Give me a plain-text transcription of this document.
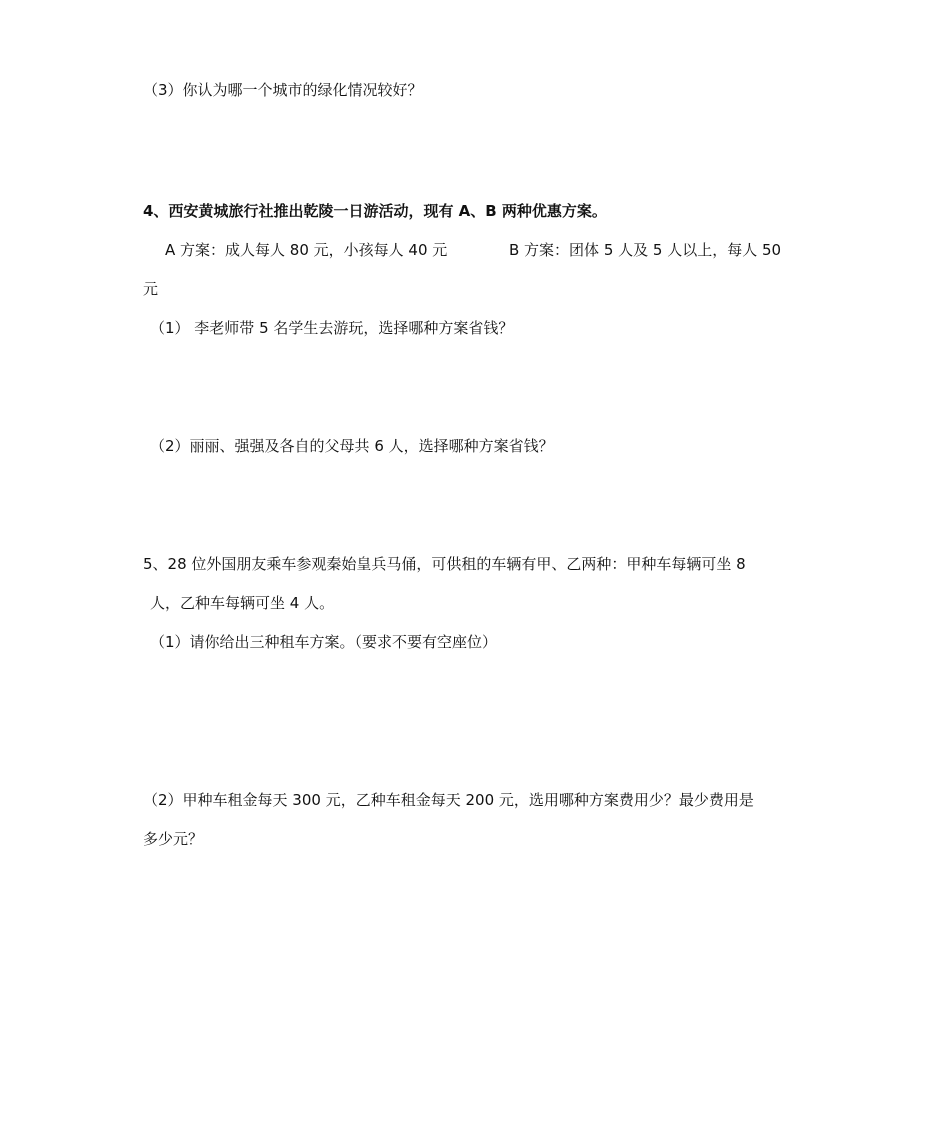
（3）你认为哪一个城市的绿化情况较好？
4、西安黄城旅行社推出乾陵一日游活动，现有 A、B 两种优惠方案。
A 方案：成人每人 80 元，小孩每人 40 元	B 方案：团体 5 人及 5 人以上，每人 50
元
（1） 李老师带 5 名学生去游玩，选择哪种方案省钱？
（2）丽丽、强强及各自的父母共 6 人，选择哪种方案省钱？
5、28 位外国朋友乘车参观秦始皇兵马俑，可供租的车辆有甲、乙两种：甲种车每辆可坐 8
人，乙种车每辆可坐 4 人。
（1）请你给出三种租车方案。（要求不要有空座位）
（2）甲种车租金每天 300 元，乙种车租金每天 200 元，选用哪种方案费用少？最少费用是
多少元？
